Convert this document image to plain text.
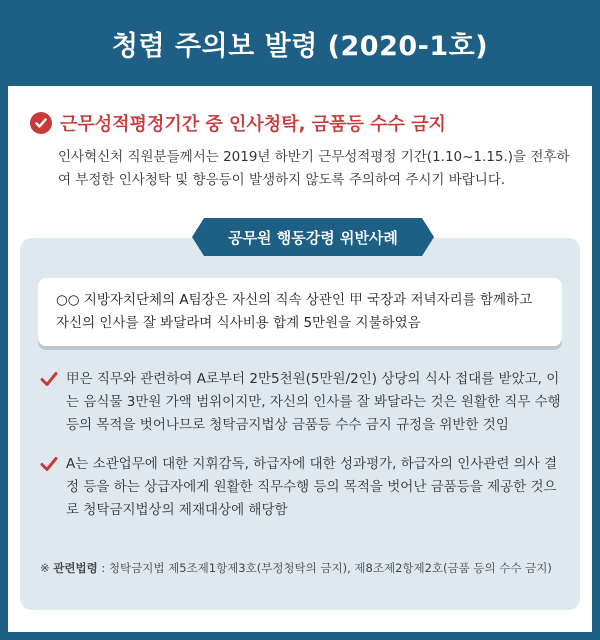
청렴 주의보 발령 (2020-1호)
근무성적평정기간 중 인사청탁, 금품등 수수 금지
인사혁신처 직원분들께서는 2019년 하반기 근무성적평정 기간(1.10~1.15.)을 전후하여 부정한 인사청탁 및 향응등이 발생하지 않도록 주의하여 주시기 바랍니다.
공무원 행동강령 위반사례
○○ 지방자치단체의 A팀장은 자신의 직속 상관인 甲 국장과 저녁자리를 함께하고 자신의 인사를 잘 봐달라며 식사비용 합계 5만원을 지불하였음
甲은 직무와 관련하여 A로부터 2만5천원(5만원/2인) 상당의 식사 접대를 받았고, 이는 음식물 3만원 가액 범위이지만, 자신의 인사를 잘 봐달라는 것은 원활한 직무 수행 등의 목적을 벗어나므로 청탁금지법상 금품등 수수 금지 규정을 위반한 것임
A는 소관업무에 대한 지휘감독, 하급자에 대한 성과평가, 하급자의 인사관련 의사 결정 등을 하는 상급자에게 원활한 직무수행 등의 목적을 벗어난 금품등을 제공한 것으로 청탁금지법상의 제재대상에 해당함
※ 관련법령 : 청탁금지법 제5조제1항제3호(부정청탁의 금지), 제8조제2항제2호(금품 등의 수수 금지)
